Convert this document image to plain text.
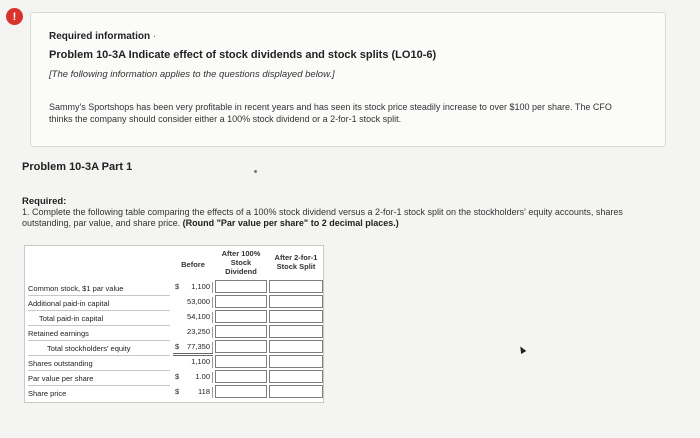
!
Required information ·
Problem 10-3A Indicate effect of stock dividends and stock splits (LO10-6)
[The following information applies to the questions displayed below.]
Sammy's Sportshops has been very profitable in recent years and has seen its stock price steadily increase to over $100 per share. The CFO thinks the company should consider either a 100% stock dividend or a 2-for-1 stock split.
Problem 10-3A Part 1
Required:
1. Complete the following table comparing the effects of a 100% stock dividend versus a 2-for-1 stock split on the stockholders' equity accounts, shares outstanding, par value, and share price. (Round "Par value per share" to 2 decimal places.)
Before
After 100% Stock Dividend
After 2-for-1 Stock Split
Common stock, $1 par value	$ 1,100
Additional paid-in capital	53,000
Total paid-in capital	54,100
Retained earnings	23,250
Total stockholders' equity	$ 77,350
Shares outstanding	1,100
Par value per share	$ 1.00
Share price	$	118
